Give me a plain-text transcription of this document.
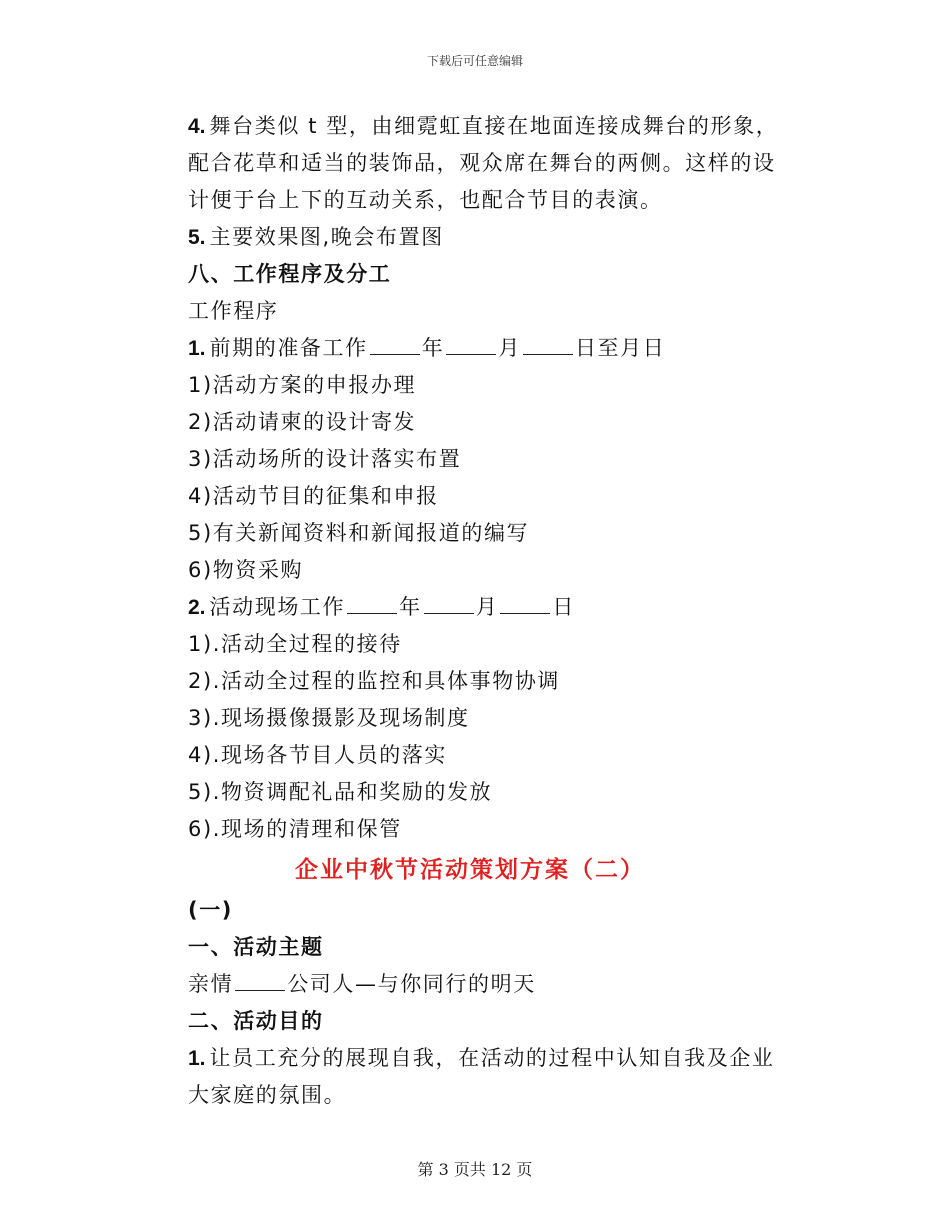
下载后可任意编辑

4. 舞台类似 t 型，由细霓虹直接在地面连接成舞台的形象，配合花草和适当的装饰品，观众席在舞台的两侧。这样的设计便于台上下的互动关系，也配合节目的表演。

5. 主要效果图,晚会布置图

八、工作程序及分工

工作程序

1. 前期的准备工作	年	月	日至月日

1)活动方案的申报办理

2)活动请柬的设计寄发

3)活动场所的设计落实布置

4)活动节目的征集和申报

5)有关新闻资料和新闻报道的编写

6)物资采购

2. 活动现场工作	年	月	日

1).活动全过程的接待

2).活动全过程的监控和具体事物协调

3).现场摄像摄影及现场制度

4).现场各节目人员的落实

5).物资调配礼品和奖励的发放

6).现场的清理和保管

企业中秋节活动策划方案（二）

(一)

一、活动主题

亲情	公司人—与你同行的明天

二、活动目的

1. 让员工充分的展现自我，在活动的过程中认知自我及企业大家庭的氛围。

第 3 页共 12 页
